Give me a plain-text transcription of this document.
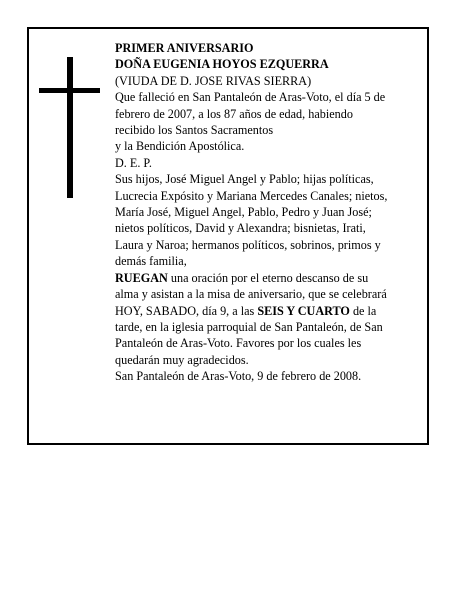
PRIMER ANIVERSARIO

DOÑA EUGENIA HOYOS EZQUERRA

(VIUDA DE D. JOSE RIVAS SIERRA)

Que falleció en San Pantaleón de Aras-Voto, el día 5 de

febrero de 2007, a los 87 años de edad, habiendo

recibido los Santos Sacramentos

y la Bendición Apostólica.

D. E. P.

Sus hijos, José Miguel Angel y Pablo; hijas políticas,

Lucrecia Expósito y Mariana Mercedes Canales; nietos,

María José, Miguel Angel, Pablo, Pedro y Juan José;

nietos políticos, David y Alexandra; bisnietas, Irati,

Laura y Naroa; hermanos políticos, sobrinos, primos y

demás familia,

RUEGAN una oración por el eterno descanso de su

alma y asistan a la misa de aniversario, que se celebrará

HOY, SABADO, día 9, a las SEIS Y CUARTO de la

tarde, en la iglesia parroquial de San Pantaleón, de San

Pantaleón de Aras-Voto. Favores por los cuales les

quedarán muy agradecidos.

San Pantaleón de Aras-Voto, 9 de febrero de 2008.
